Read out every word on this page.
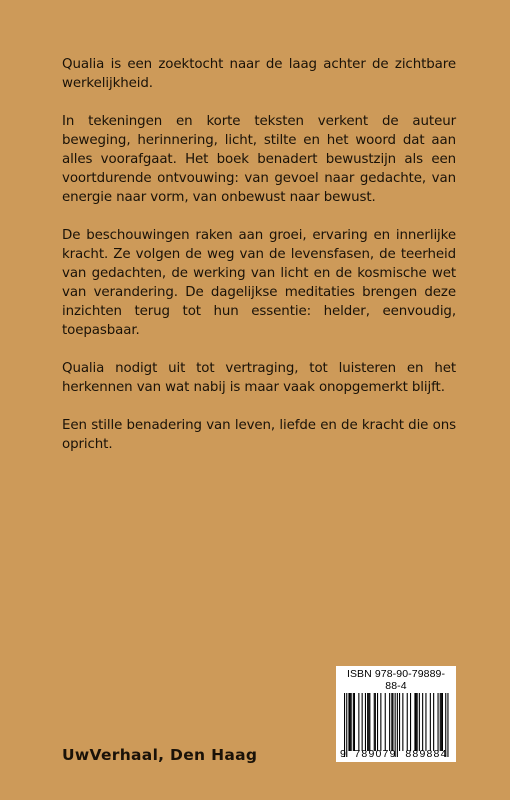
Qualia is een zoektocht naar de laag achter de zichtbare werkelijkheid.

In tekeningen en korte teksten verkent de auteur beweging, herinnering, licht, stilte en het woord dat aan alles voorafgaat. Het boek benadert bewustzijn als een voortdurende ontvouwing: van gevoel naar gedachte, van energie naar vorm, van onbewust naar bewust.

De beschouwingen raken aan groei, ervaring en innerlijke kracht. Ze volgen de weg van de levensfasen, de teerheid van gedachten, de werking van licht en de kosmische wet van verandering. De dagelijkse meditaties brengen deze inzichten terug tot hun essentie: helder, eenvoudig, toepasbaar.

Qualia nodigt uit tot vertraging, tot luisteren en het herkennen van wat nabij is maar vaak onopgemerkt blijft.

Een stille benadering van leven, liefde en de kracht die ons opricht.

UwVerhaal, Den Haag
ISBN 978-90-79889-88-4
9 789079 889884
